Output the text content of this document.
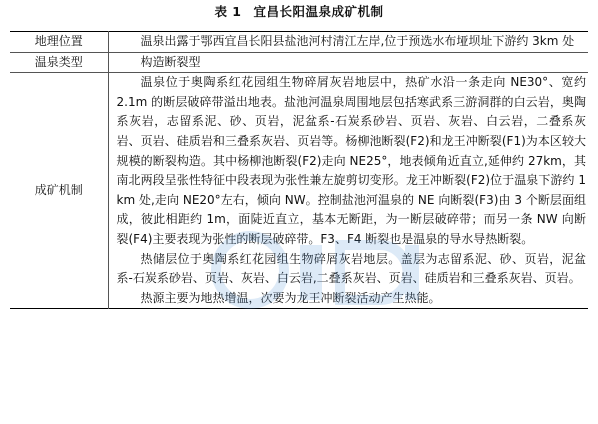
表 1 宜昌长阳温泉成矿机制
地理位置	温泉出露于鄂西宜昌长阳县盐池河村清江左岸,位于预选水布垭坝址下游约 3km 处

温泉类型	构造断裂型

成矿机制	温泉位于奥陶系红花园组生物碎屑灰岩地层中，热矿水沿一条走向 NE30°、宽约 2.1m 的断层破碎带溢出地表。盐池河温泉周围地层包括寒武系三游洞群的白云岩，奥陶系灰岩，志留系泥、砂、页岩，泥盆系-石炭系砂岩、页岩、灰岩、白云岩，二叠系灰岩、页岩、硅质岩和三叠系灰岩、页岩等。杨柳池断裂(F2)和龙王冲断裂(F1)为本区较大规模的断裂构造。其中杨柳池断裂(F2)走向 NE25°，地表倾角近直立,延伸约 27km，其南北两段呈张性特征中段表现为张性兼左旋剪切变形。龙王冲断裂(F2)位于温泉下游约 1 km 处,走向 NE20°左右，倾向 NW。控制盐池河温泉的 NE 向断裂(F3)由 3 个断层面组成，彼此相距约 1m，面陡近直立，基本无断距，为一断层破碎带；而另一条 NW 向断裂(F4)主要表现为张性的断层破碎带。F3、F4 断裂也是温泉的导水导热断裂。

热储层位于奥陶系红花园组生物碎屑灰岩地层。盖层为志留系泥、砂、页岩，泥盆系-石炭系砂岩、页岩、灰岩、白云岩,二叠系灰岩、页岩、硅质岩和三叠系灰岩、页岩。

热源主要为地热增温，次要为龙王冲断裂活动产生热能。
